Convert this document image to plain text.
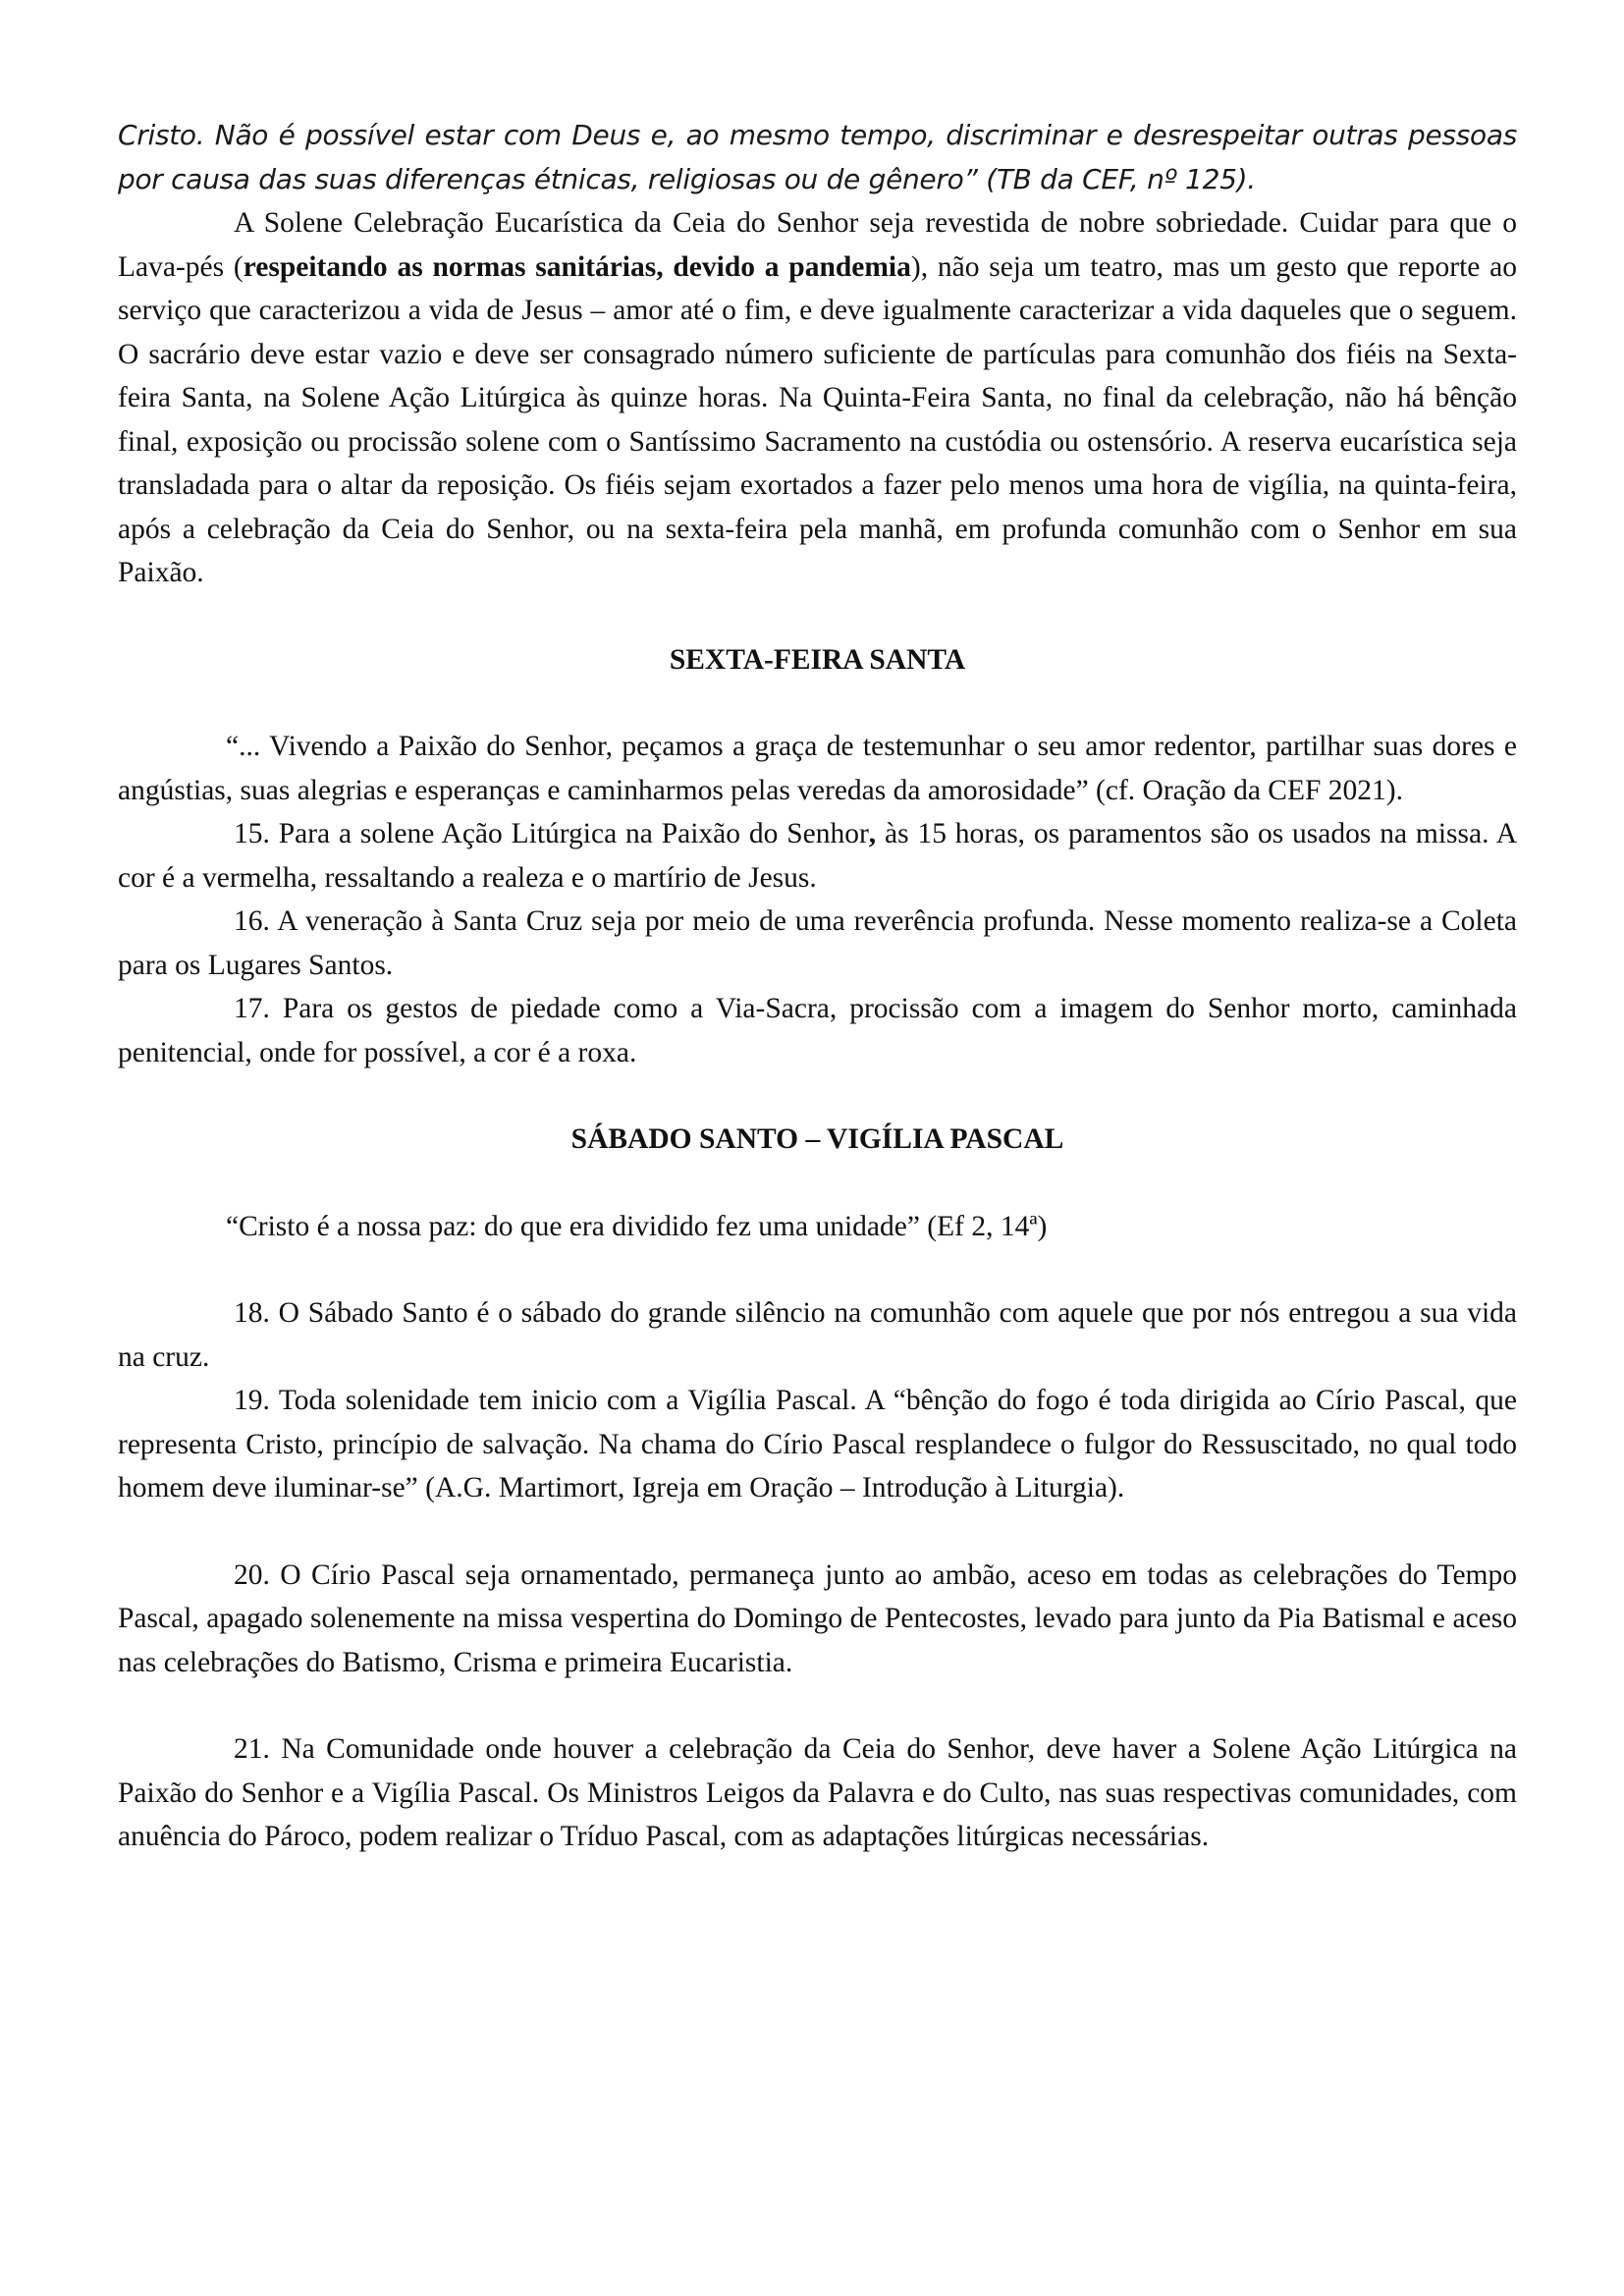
Cristo. Não é possível estar com Deus e, ao mesmo tempo, discriminar e desrespeitar outras pessoas por causa das suas diferenças étnicas, religiosas ou de gênero” (TB da CEF, nº 125).

A Solene Celebração Eucarística da Ceia do Senhor seja revestida de nobre sobriedade. Cuidar para que o Lava-pés (respeitando as normas sanitárias, devido a pandemia), não seja um teatro, mas um gesto que reporte ao serviço que caracterizou a vida de Jesus – amor até o fim, e deve igualmente caracterizar a vida daqueles que o seguem. O sacrário deve estar vazio e deve ser consagrado número suficiente de partículas para comunhão dos fiéis na Sexta-feira Santa, na Solene Ação Litúrgica às quinze horas. Na Quinta-Feira Santa, no final da celebração, não há bênção final, exposição ou procissão solene com o Santíssimo Sacramento na custódia ou ostensório. A reserva eucarística seja transladada para o altar da reposição. Os fiéis sejam exortados a fazer pelo menos uma hora de vigília, na quinta-feira, após a celebração da Ceia do Senhor, ou na sexta-feira pela manhã, em profunda comunhão com o Senhor em sua Paixão.

SEXTA-FEIRA SANTA

“... Vivendo a Paixão do Senhor, peçamos a graça de testemunhar o seu amor redentor, partilhar suas dores e angústias, suas alegrias e esperanças e caminharmos pelas veredas da amorosidade” (cf. Oração da CEF 2021).

15. Para a solene Ação Litúrgica na Paixão do Senhor, às 15 horas, os paramentos são os usados na missa. A cor é a vermelha, ressaltando a realeza e o martírio de Jesus.

16. A veneração à Santa Cruz seja por meio de uma reverência profunda. Nesse momento realiza-se a Coleta para os Lugares Santos.

17. Para os gestos de piedade como a Via-Sacra, procissão com a imagem do Senhor morto, caminhada penitencial, onde for possível, a cor é a roxa.

SÁBADO SANTO – VIGÍLIA PASCAL

“Cristo é a nossa paz: do que era dividido fez uma unidade” (Ef 2, 14ª)

18. O Sábado Santo é o sábado do grande silêncio na comunhão com aquele que por nós entregou a sua vida na cruz.

19. Toda solenidade tem inicio com a Vigília Pascal. A “bênção do fogo é toda dirigida ao Círio Pascal, que representa Cristo, princípio de salvação. Na chama do Círio Pascal resplandece o fulgor do Ressuscitado, no qual todo homem deve iluminar-se” (A.G. Martimort, Igreja em Oração – Introdução à Liturgia).

20. O Círio Pascal seja ornamentado, permaneça junto ao ambão, aceso em todas as celebrações do Tempo Pascal, apagado solenemente na missa vespertina do Domingo de Pentecostes, levado para junto da Pia Batismal e aceso nas celebrações do Batismo, Crisma e primeira Eucaristia.

21. Na Comunidade onde houver a celebração da Ceia do Senhor, deve haver a Solene Ação Litúrgica na Paixão do Senhor e a Vigília Pascal. Os Ministros Leigos da Palavra e do Culto, nas suas respectivas comunidades, com anuência do Pároco, podem realizar o Tríduo Pascal, com as adaptações litúrgicas necessárias.
